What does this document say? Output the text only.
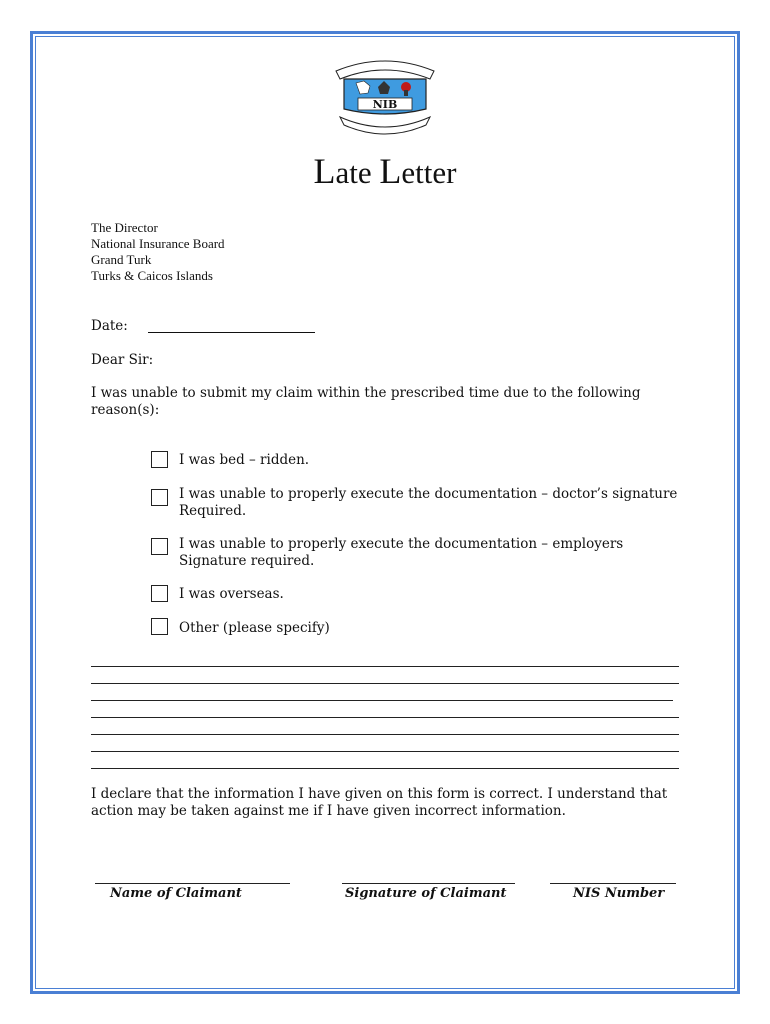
NIB
Late Letter
The Director
National Insurance Board
Grand Turk
Turks & Caicos Islands
Date:
Dear Sir:
I was unable to submit my claim within the prescribed time due to the following reason(s):
I was bed – ridden.
I was unable to properly execute the documentation – doctor’s signature
Required.
I was unable to properly execute the documentation – employers
Signature required.
I was overseas.
Other (please specify)
I declare that the information I have given on this form is correct. I understand that action may be taken against me if I have given incorrect information.
Name of Claimant	Signature of Claimant	NIS Number
